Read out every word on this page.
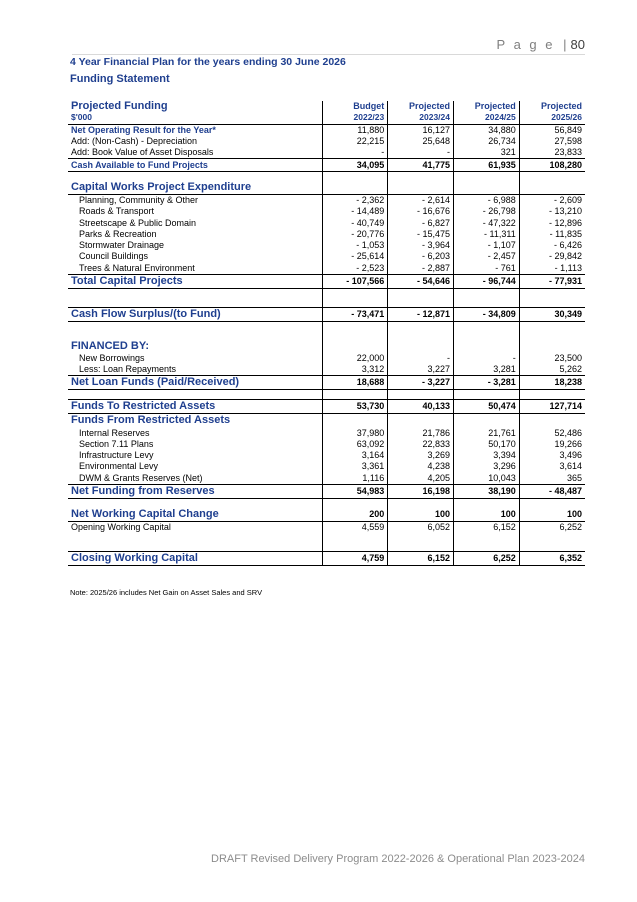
P a g e | 80
4 Year Financial Plan for the years ending 30 June 2026
Funding Statement
Projected Funding	Budget	Projected	Projected	Projected
$'000	2022/23	2023/24	2024/25	2025/26
Net Operating Result for the Year*	11,880	16,127	34,880	56,849
Add: (Non-Cash) - Depreciation	22,215	25,648	26,734	27,598
Add: Book Value of Asset Disposals	-	-	321	23,833
Cash Available to Fund Projects	34,095	41,775	61,935	108,280

Capital Works Project Expenditure				
Planning, Community & Other	- 2,362	- 2,614	- 6,988	- 2,609
Roads & Transport	- 14,489	- 16,676	- 26,798	- 13,210
Streetscape & Public Domain	- 40,749	- 6,827	- 47,322	- 12,896
Parks & Recreation	- 20,776	- 15,475	- 11,311	- 11,835
Stormwater Drainage	- 1,053	- 3,964	- 1,107	- 6,426
Council Buildings	- 25,614	- 6,203	- 2,457	- 29,842
Trees & Natural Environment	- 2,523	- 2,887	- 761	- 1,113
Total Capital Projects	- 107,566	- 54,646	- 96,744	- 77,931

Cash Flow Surplus/(to Fund)	- 73,471	- 12,871	- 34,809	30,349

FINANCED BY:				
New Borrowings	22,000	-	-	23,500
Less: Loan Repayments	3,312	3,227	3,281	5,262
Net Loan Funds (Paid/Received)	18,688	- 3,227	- 3,281	18,238

Funds To Restricted Assets	53,730	40,133	50,474	127,714
Funds From Restricted Assets				
Internal Reserves	37,980	21,786	21,761	52,486
Section 7.11 Plans	63,092	22,833	50,170	19,266
Infrastructure Levy	3,164	3,269	3,394	3,496
Environmental Levy	3,361	4,238	3,296	3,614
DWM & Grants Reserves (Net)	1,116	4,205	10,043	365
Net Funding from Reserves	54,983	16,198	38,190	- 48,487

Net Working Capital Change	200	100	100	100
Opening Working Capital	4,559	6,052	6,152	6,252

Closing Working Capital	4,759	6,152	6,252	6,352
Note: 2025/26 includes Net Gain on Asset Sales and SRV
DRAFT Revised Delivery Program 2022-2026 & Operational Plan 2023-2024
